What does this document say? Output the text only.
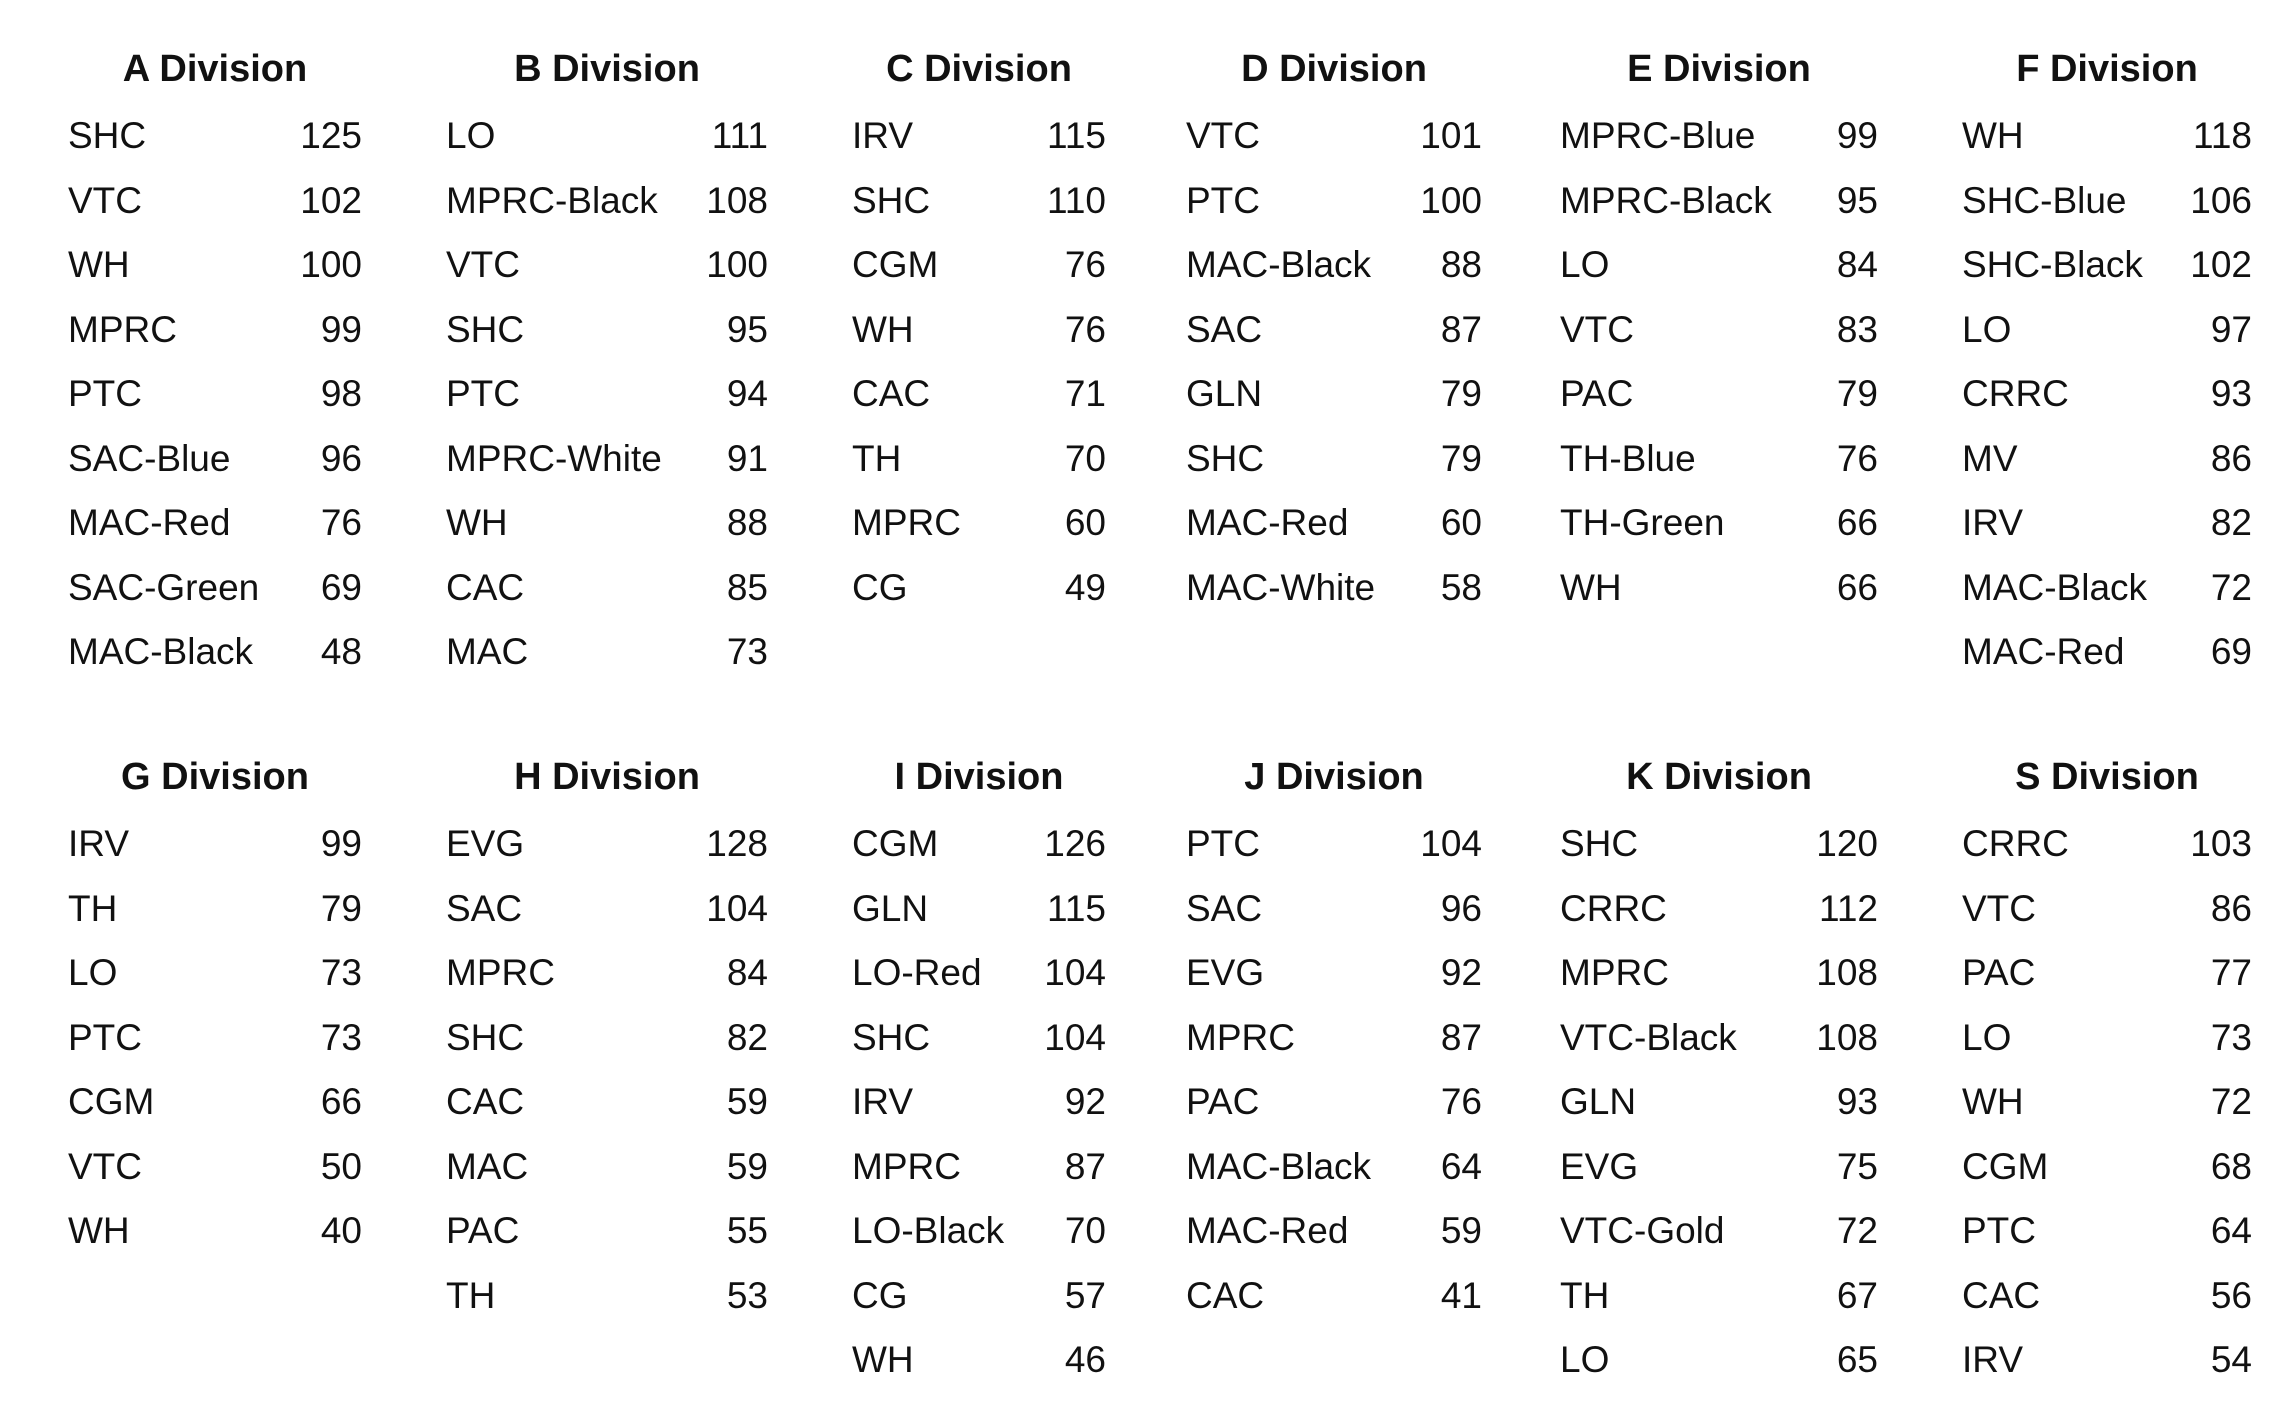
A Division
SHC	125
VTC	102
WH	100
MPRC	99
PTC	98
SAC-Blue 96
MAC-Red 76
SAC-Green 69
MAC-Black 48
B Division
LO	111
MPRC-Black 108
VTC	100
SHC	95
PTC	94
MPRC-White 91
WH	88
CAC	85
MAC	73
C Division
IRV	115
SHC	110
CGM	76
WH	76
CAC	71
TH	70
MPRC	60
CG	49
D Division
VTC	101
PTC	100
MAC-Black 88
SAC	87
GLN	79
SHC	79
MAC-Red 60
MAC-White 58
E Division
MPRC-Blue 99
MPRC-Black 95
LO	84
VTC	83
PAC	79
TH-Blue	76
TH-Green	66
WH	66
F Division
WH	118
SHC-Blue 106
SHC-Black 102
LO	97
CRRC	93
MV	86
IRV	82
MAC-Black 72
MAC-Red 69
G Division
IRV	99
TH	79
LO	73
PTC	73
CGM	66
VTC	50
WH	40
H Division
EVG	128
SAC	104
MPRC	84
SHC	82
CAC	59
MAC	59
PAC	55
TH	53
I Division
CGM	126
GLN	115
LO-Red 104
SHC	104
IRV	92
MPRC	87
LO-Black 70
CG	57
WH	46
J Division
PTC	104
SAC	96
EVG	92
MPRC	87
PAC	76
MAC-Black 64
MAC-Red 59
CAC	41
K Division
SHC	120
CRRC	112
MPRC	108
VTC-Black 108
GLN	93
EVG	75
VTC-Gold	72
TH	67
LO	65
S Division
CRRC	103
VTC	86
PAC	77
LO	73
WH	72
CGM	68
PTC	64
CAC	56
IRV	54
